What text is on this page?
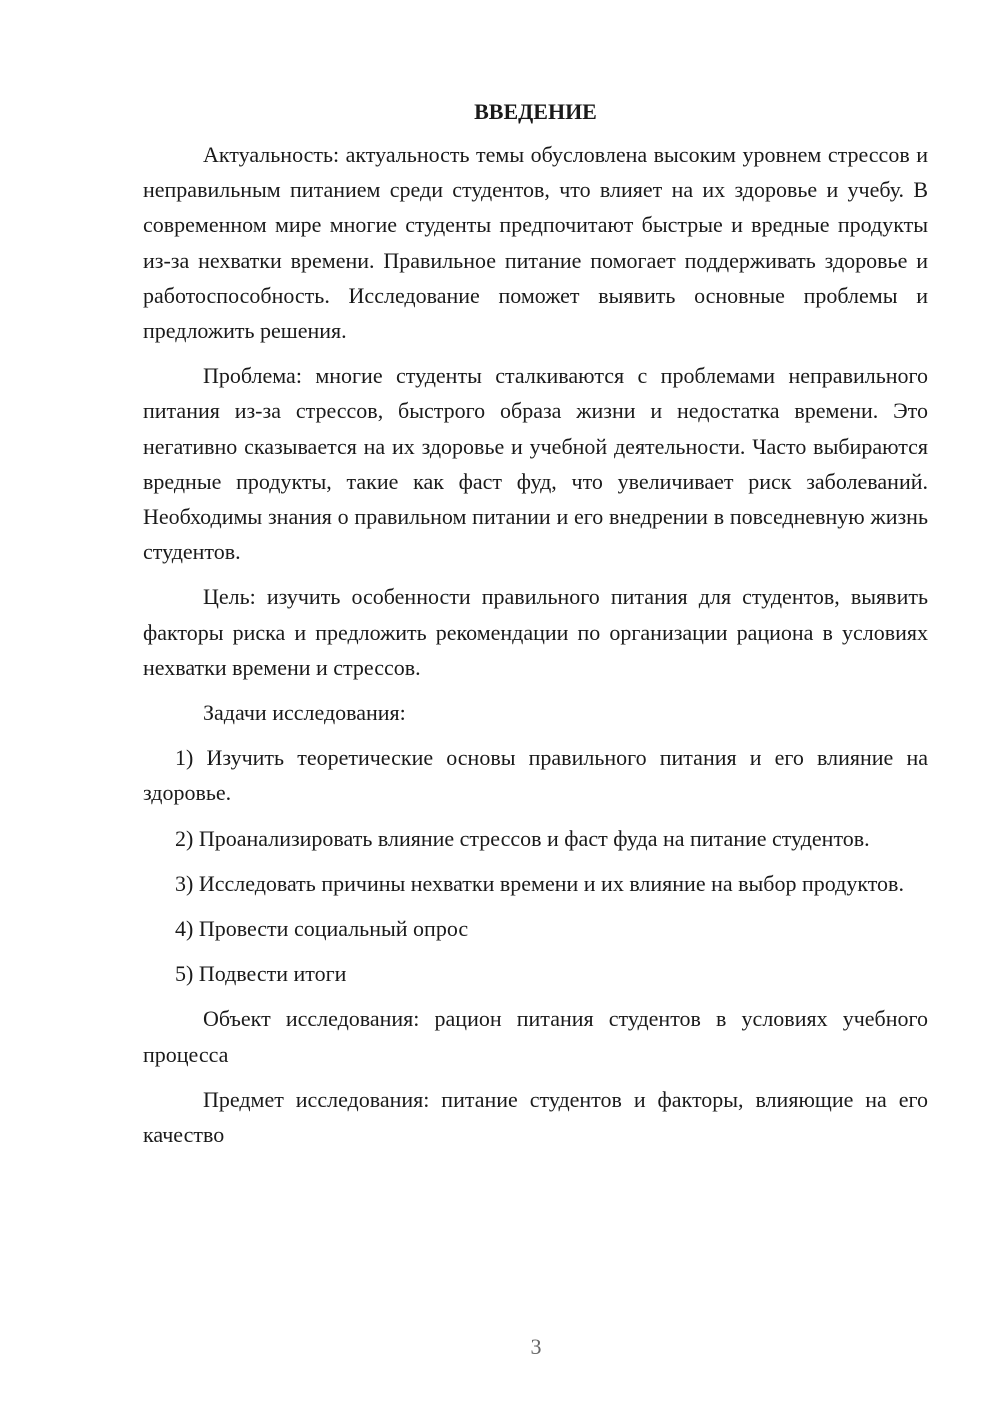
ВВЕДЕНИЕ

Актуальность: актуальность темы обусловлена высоким уровнем стрессов и неправильным питанием среди студентов, что влияет на их здоровье и учебу. В современном мире многие студенты предпочитают быстрые и вредные продукты из-за нехватки времени. Правильное питание помогает поддерживать здоровье и работоспособность. Исследование поможет выявить основные проблемы и предложить решения.

Проблема: многие студенты сталкиваются с проблемами неправильного питания из-за стрессов, быстрого образа жизни и недостатка времени. Это негативно сказывается на их здоровье и учебной деятельности. Часто выбираются вредные продукты, такие как фаст фуд, что увеличивает риск заболеваний. Необходимы знания о правильном питании и его внедрении в повседневную жизнь студентов.

Цель: изучить особенности правильного питания для студентов, выявить факторы риска и предложить рекомендации по организации рациона в условиях нехватки времени и стрессов.

Задачи исследования:

1) Изучить теоретические основы правильного питания и его влияние на здоровье.

2) Проанализировать влияние стрессов и фаст фуда на питание студентов.

3) Исследовать причины нехватки времени и их влияние на выбор продуктов.

4) Провести социальный опрос

5) Подвести итоги

Объект исследования: рацион питания студентов в условиях учебного процесса

Предмет исследования: питание студентов и факторы, влияющие на его качество

3
